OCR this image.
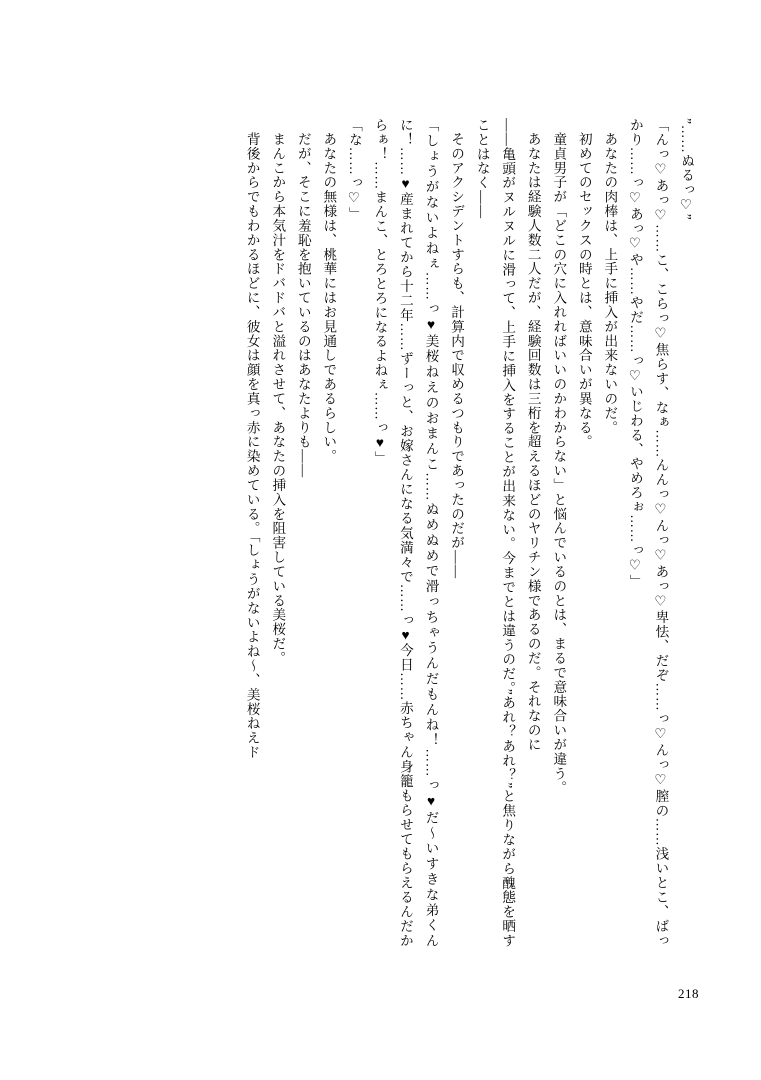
”……ぬるっ♡”

「んっ♡あっ♡……こ、こらっ♡焦らす、なぁ……んんっ♡んっ♡あっ♡卑怯、だぞ……っ♡んっ♡膣の……浅いとこ、ばっかり……っ♡あっ♡や……やだ……っ♡いじわる、やめろぉ……っ♡」

あなたの肉棒は、上手に挿入が出来ないのだ。

初めてのセックスの時とは、意味合いが異なる。

童貞男子が「どこの穴に入れればいいのかわからない」と悩んでいるのとは、まるで意味合いが違う。

あなたは経験人数二人だが、経験回数は三桁を超えるほどのヤリチン様であるのだ。それなのに

――亀頭がヌルヌルに滑って、上手に挿入をすることが出来ない。今までとは違うのだ。”あれ？あれ？”と焦りながら醜態を晒すことはなく――

そのアクシデントすらも、計算内で収めるつもりであったのだが――

「しょうがないよねぇ……っ♥美桜ねえのおまんこ……ぬめぬめで滑っちゃうんだもんね！……っ♥だ～いすきな弟くんに！……♥産まれてから十二年……ずーっと、お嫁さんになる気満々で……っ♥今日……赤ちゃん身籠もらせてもらえるんだからぁ！……まんこ、とろとろになるよねぇ……っ♥」

「な……っ♡」

あなたの無様は、桃華にはお見通しであるらしい。

だが、そこに羞恥を抱いているのはあなたよりも――

まんこから本気汁をドバドバと溢れさせて、あなたの挿入を阻害している美桜だ。

背後からでもわかるほどに、彼女は顔を真っ赤に染めている。「しょうがないよね～、美桜ねえド

218
